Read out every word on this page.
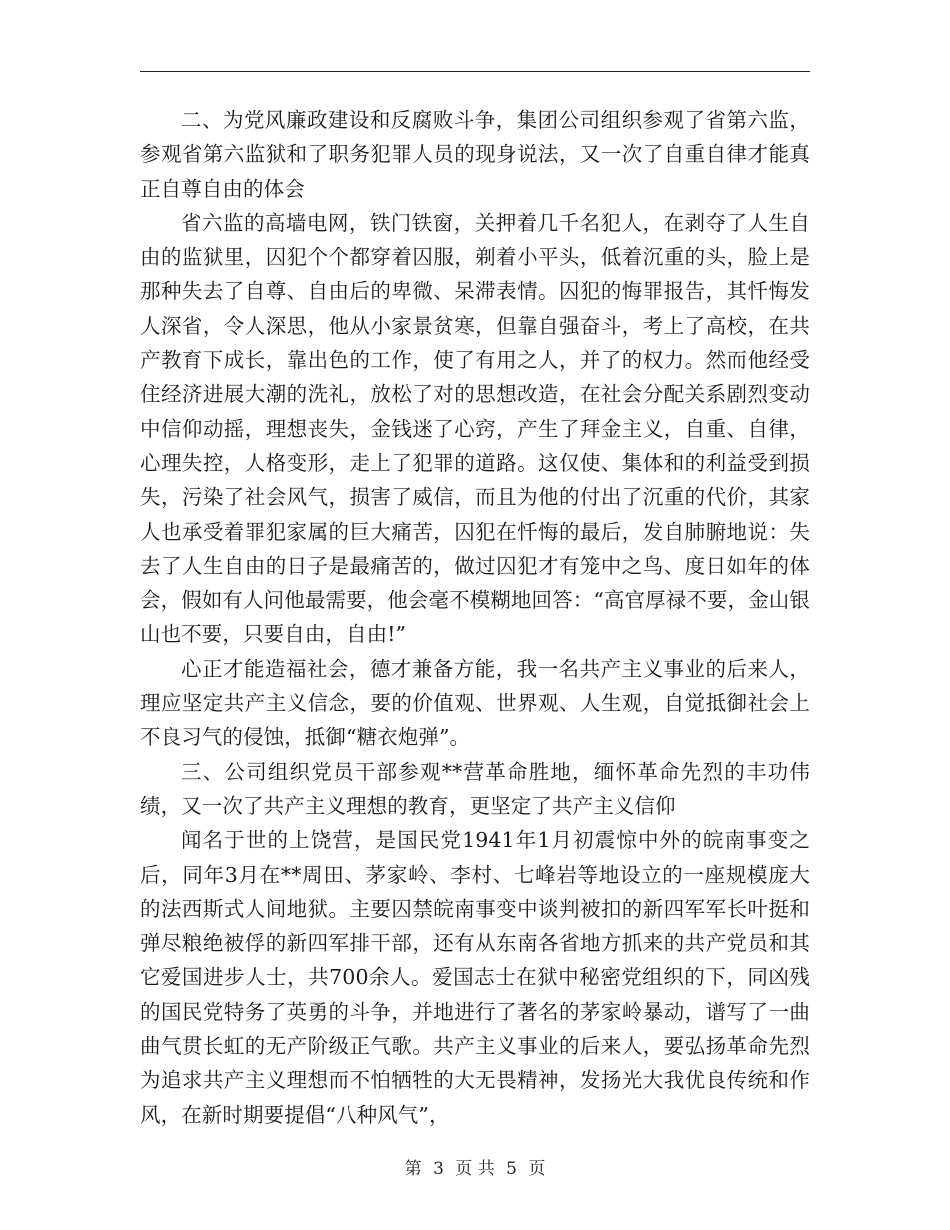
二、为党风廉政建设和反腐败斗争，集团公司组织参观了省第六监，参观省第六监狱和了职务犯罪人员的现身说法，又一次了自重自律才能真正自尊自由的体会

省六监的高墙电网，铁门铁窗，关押着几千名犯人，在剥夺了人生自由的监狱里，囚犯个个都穿着囚服，剃着小平头，低着沉重的头，脸上是那种失去了自尊、自由后的卑微、呆滞表情。囚犯的悔罪报告，其忏悔发人深省，令人深思，他从小家景贫寒，但靠自强奋斗，考上了高校，在共产教育下成长，靠出色的工作，使了有用之人，并了的权力。然而他经受住经济进展大潮的洗礼，放松了对的思想改造，在社会分配关系剧烈变动中信仰动摇，理想丧失，金钱迷了心窍，产生了拜金主义，自重、自律，心理失控，人格变形，走上了犯罪的道路。这仅使、集体和的利益受到损失，污染了社会风气，损害了威信，而且为他的付出了沉重的代价，其家人也承受着罪犯家属的巨大痛苦，囚犯在忏悔的最后，发自肺腑地说：失去了人生自由的日子是最痛苦的，做过囚犯才有笼中之鸟、度日如年的体会，假如有人问他最需要，他会毫不模糊地回答：“高官厚禄不要，金山银山也不要，只要自由，自由!”

心正才能造福社会，德才兼备方能，我一名共产主义事业的后来人，理应坚定共产主义信念，要的价值观、世界观、人生观，自觉抵御社会上不良习气的侵蚀，抵御“糖衣炮弹”。

三、公司组织党员干部参观**营革命胜地，缅怀革命先烈的丰功伟绩，又一次了共产主义理想的教育，更坚定了共产主义信仰

闻名于世的上饶营，是国民党1941年1月初震惊中外的皖南事变之后，同年3月在**周田、茅家岭、李村、七峰岩等地设立的一座规模庞大的法西斯式人间地狱。主要囚禁皖南事变中谈判被扣的新四军军长叶挺和弹尽粮绝被俘的新四军排干部，还有从东南各省地方抓来的共产党员和其它爱国进步人士，共700余人。爱国志士在狱中秘密党组织的下，同凶残的国民党特务了英勇的斗争，并地进行了著名的茅家岭暴动，谱写了一曲曲气贯长虹的无产阶级正气歌。共产主义事业的后来人，要弘扬革命先烈为追求共产主义理想而不怕牺牲的大无畏精神，发扬光大我优良传统和作风，在新时期要提倡“八种风气”，

第 3 页 共 5 页
